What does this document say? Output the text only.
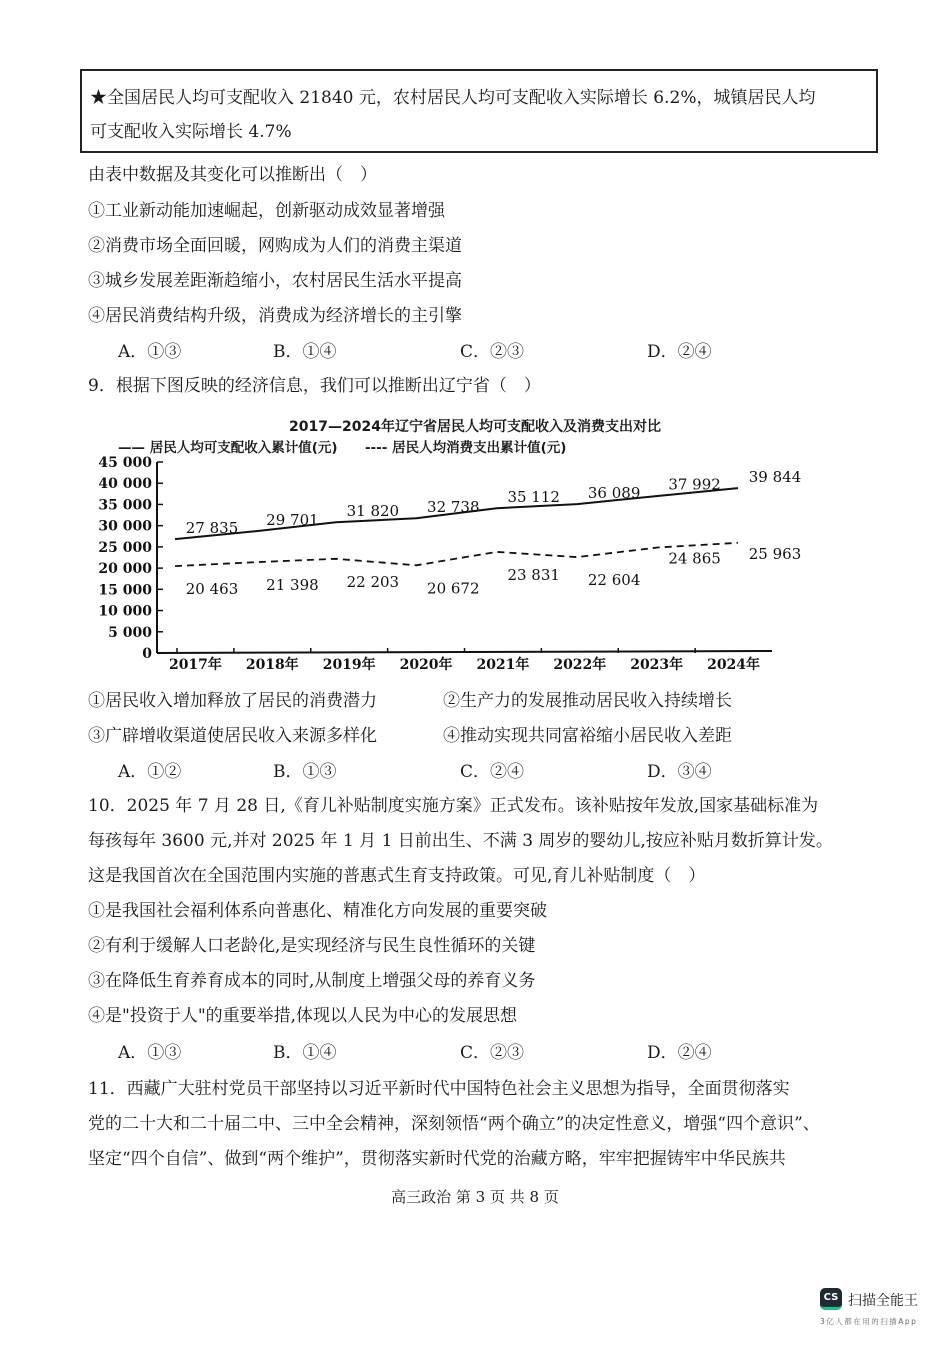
★全国居民人均可支配收入 21840 元，农村居民人均可支配收入实际增长 6.2%，城镇居民人均
可支配收入实际增长 4.7%
由表中数据及其变化可以推断出（　）
①工业新动能加速崛起，创新驱动成效显著增强
②消费市场全面回暖，网购成为人们的消费主渠道
③城乡发展差距渐趋缩小，农村居民生活水平提高
④居民消费结构升级，消费成为经济增长的主引擎
A．①③	B．①④	C．②③	D．②④
9．根据下图反映的经济信息，我们可以推断出辽宁省（　）
2017—2024年辽宁省居民人均可支配收入及消费支出对比
—— 居民人均可支配收入累计值(元) ---- 居民人均消费支出累计值(元)
0
5 000
10 000
15 000
20 000
25 000
30 000
35 000
40 000
45 000
2017年 2018年 2019年 2020年 2021年 2022年 2023年 2024年
27 835 29 701 31 820 32 738
35 112 36 089 37 992 39 844
20 463 21 398 22 203 20 672
23 831 22 604
24 865 25 963
①居民收入增加释放了居民的消费潜力	②生产力的发展推动居民收入持续增长
③广辟增收渠道使居民收入来源多样化	④推动实现共同富裕缩小居民收入差距
A．①②	B．①③	C．②④	D．③④
10．2025 年 7 月 28 日,《育儿补贴制度实施方案》正式发布。该补贴按年发放,国家基础标准为
每孩每年 3600 元,并对 2025 年 1 月 1 日前出生、不满 3 周岁的婴幼儿,按应补贴月数折算计发。
这是我国首次在全国范围内实施的普惠式生育支持政策。可见,育儿补贴制度（　）
①是我国社会福利体系向普惠化、精准化方向发展的重要突破
②有利于缓解人口老龄化,是实现经济与民生良性循环的关键
③在降低生育养育成本的同时,从制度上增强父母的养育义务
④是"投资于人"的重要举措,体现以人民为中心的发展思想
A．①③	B．①④	C．②③	D．②④
11．西藏广大驻村党员干部坚持以习近平新时代中国特色社会主义思想为指导，全面贯彻落实
党的二十大和二十届二中、三中全会精神，深刻领悟“两个确立”的决定性意义，增强“四个意识”、
坚定“四个自信”、做到“两个维护”，贯彻落实新时代党的治藏方略，牢牢把握铸牢中华民族共
高三政治 第 3 页 共 8 页
CS 扫描全能王
3亿人都在用的扫描App
